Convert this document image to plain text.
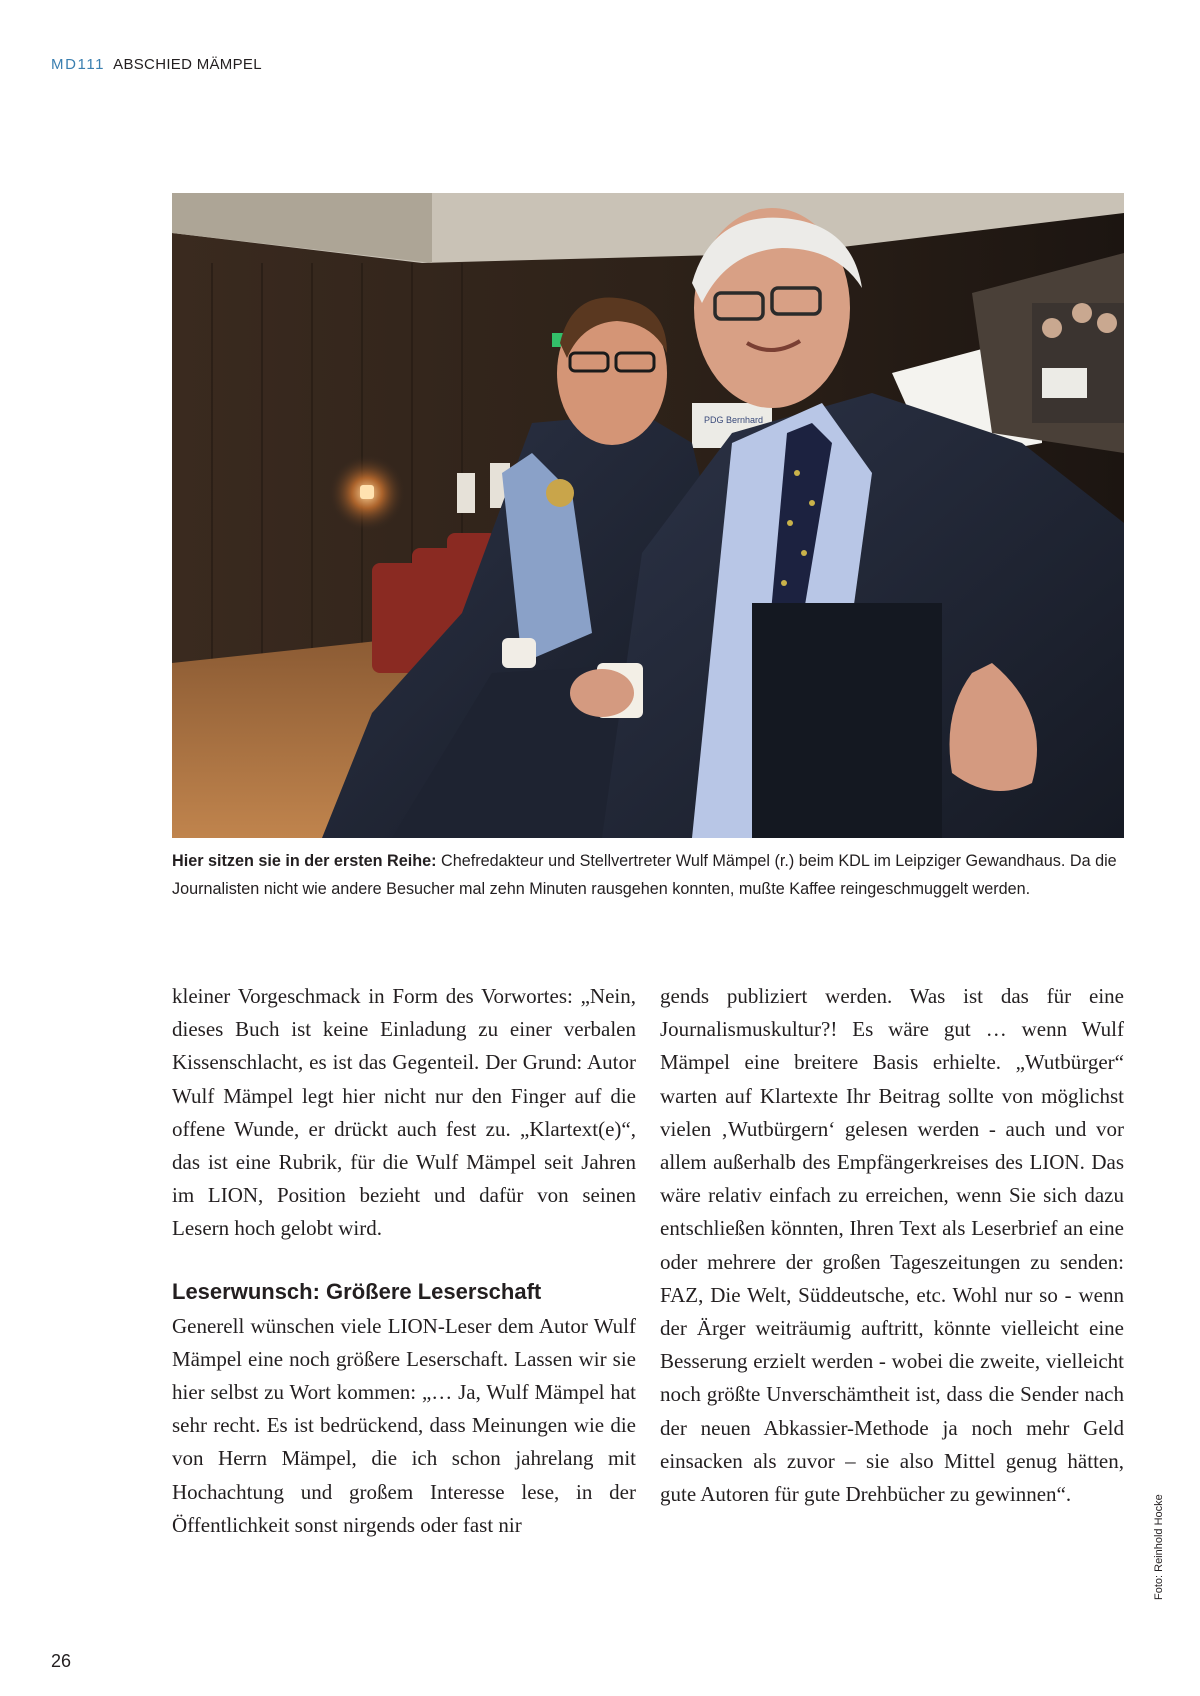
MD111 ABSCHIED MÄMPEL
PDG Bernhard
Hier sitzen sie in der ersten Reihe: Chefredakteur und Stellvertreter Wulf Mämpel (r.) beim KDL im Leipziger Gewandhaus. Da die Journalisten nicht wie andere Besucher mal zehn Minuten rausgehen konnten, mußte Kaffee reingeschmuggelt werden.

kleiner Vorgeschmack in Form des Vorwortes: „Nein, dieses Buch ist keine Einladung zu einer verbalen Kissenschlacht, es ist das Gegenteil. Der Grund: Autor Wulf Mämpel legt hier nicht nur den Finger auf die offene Wunde, er drückt auch fest zu. „Klartext(e)“, das ist eine Rubrik, für die Wulf Mämpel seit Jahren im LION, Position bezieht und dafür von seinen Lesern hoch gelobt wird.

Leserwunsch: Größere Leserschaft

Generell wünschen viele LION-Leser dem Autor Wulf Mämpel eine noch größere Leserschaft. Lassen wir sie hier selbst zu Wort kommen: „… Ja, Wulf Mämpel hat sehr recht. Es ist bedrückend, dass Meinungen wie die von Herrn Mämpel, die ich schon jahrelang mit Hochachtung und großem Interesse lese, in der Öffentlichkeit sonst nirgends oder fast nir

gends publiziert werden. Was ist das für eine Journalismuskultur?! Es wäre gut … wenn Wulf Mämpel eine breitere Basis erhielte. „Wutbürger“ warten auf Klartexte Ihr Beitrag sollte von möglichst vielen ‚Wutbürgern‘ gelesen werden - auch und vor allem außerhalb des Empfängerkreises des LION. Das wäre relativ einfach zu erreichen, wenn Sie sich dazu entschließen könnten, Ihren Text als Leserbrief an eine oder mehrere der großen Tageszeitungen zu senden: FAZ, Die Welt, Süddeutsche, etc. Wohl nur so - wenn der Ärger weiträumig auftritt, könnte vielleicht eine Besserung erzielt werden - wobei die zweite, vielleicht noch größte Unverschämtheit ist, dass die Sender nach der neuen Abkassier-Methode ja noch mehr Geld einsacken als zuvor – sie also Mittel genug hätten, gute Autoren für gute Drehbücher zu gewinnen“.

Foto: Reinhold Hocke
26
